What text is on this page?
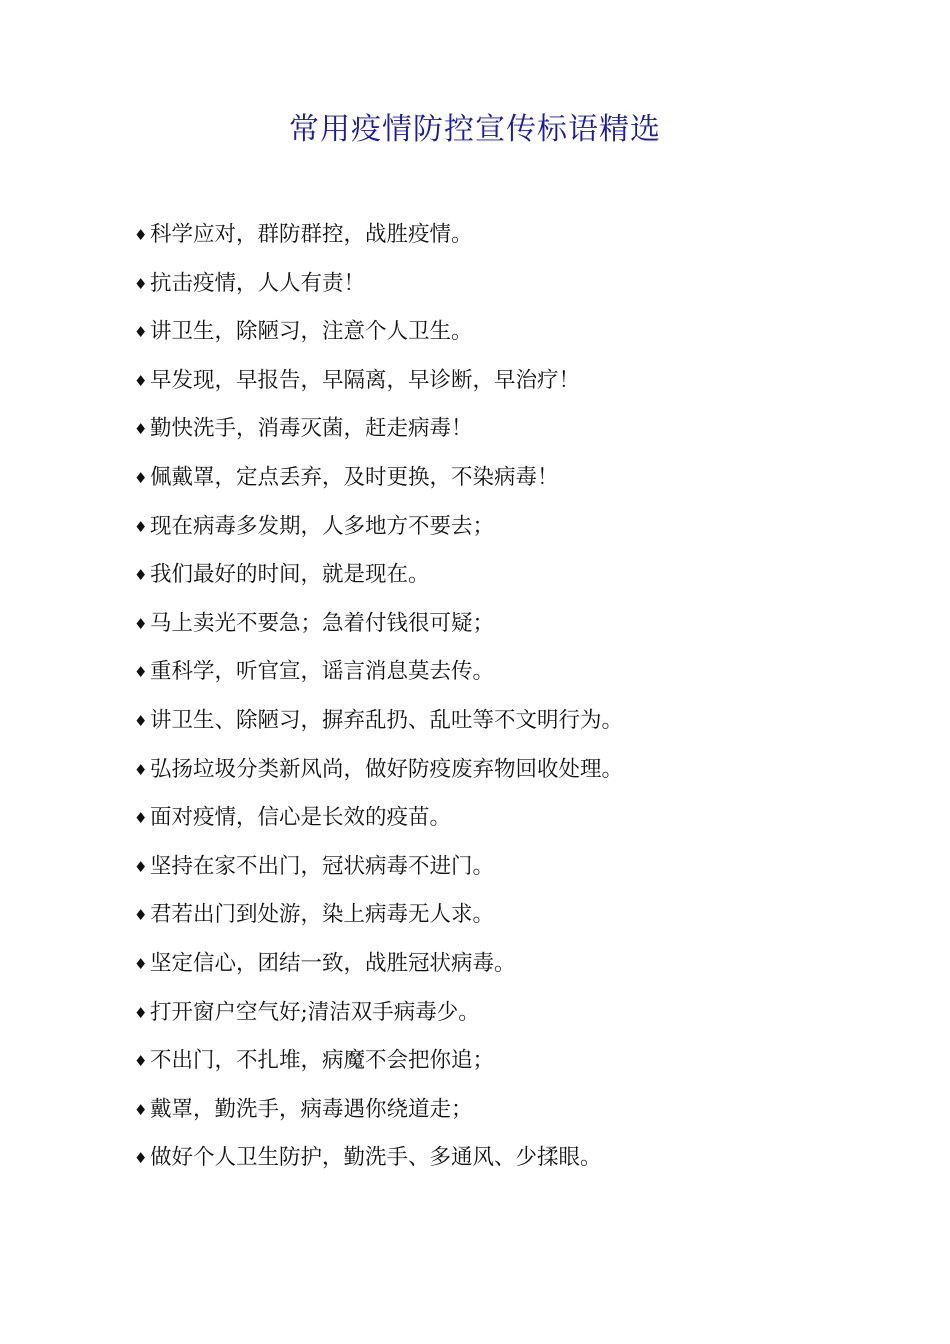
常用疫情防控宣传标语精选
♦ 科学应对，群防群控，战胜疫情。
♦ 抗击疫情，人人有责！
♦ 讲卫生，除陋习，注意个人卫生。
♦ 早发现，早报告，早隔离，早诊断，早治疗！
♦ 勤快洗手，消毒灭菌，赶走病毒！
♦ 佩戴罩，定点丢弃，及时更换，不染病毒！
♦ 现在病毒多发期，人多地方不要去；
♦ 我们最好的时间，就是现在。
♦ 马上卖光不要急；急着付钱很可疑；
♦ 重科学，听官宣，谣言消息莫去传。
♦ 讲卫生、除陋习，摒弃乱扔、乱吐等不文明行为。
♦ 弘扬垃圾分类新风尚，做好防疫废弃物回收处理。
♦ 面对疫情，信心是长效的疫苗。
♦ 坚持在家不出门，冠状病毒不进门。
♦ 君若出门到处游，染上病毒无人求。
♦ 坚定信心，团结一致，战胜冠状病毒。
♦ 打开窗户空气好;清洁双手病毒少。
♦ 不出门，不扎堆，病魔不会把你追；
♦ 戴罩，勤洗手，病毒遇你绕道走；
♦ 做好个人卫生防护，勤洗手、多通风、少揉眼。
